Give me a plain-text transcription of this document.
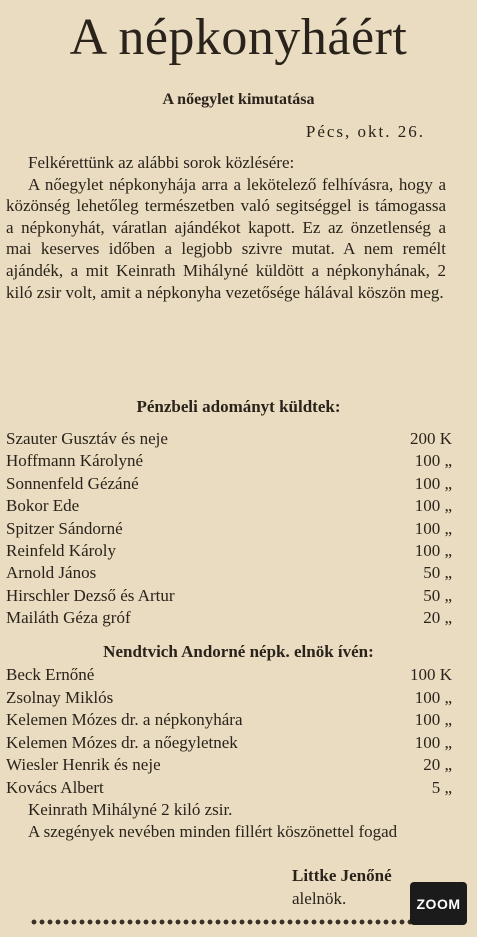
A népkonyháért
A nőegylet kimutatása
Pécs, okt. 26.
Felkérettünk az alábbi sorok közlésére:
A nőegylet népkonyhája arra a lekötelező felhívásra, hogy a közönség lehetőleg természetben való segitséggel is támogassa a népkonyhát, váratlan ajándékot kapott. Ez az önzetlenség a mai keserves időben a legjobb szivre mutat. A nem remélt ajándék, a mit Keinrath Mihályné küldött a népkonyhának, 2 kiló zsir volt, amit a népkonyha vezetősége hálával köszön meg.
Pénzbeli adományt küldtek:
Szauter Gusztáv és neje	200 K
Hoffmann Károlyné	100 „
Sonnenfeld Gézáné	100 „
Bokor Ede	100 „
Spitzer Sándorné	100 „
Reinfeld Károly	100 „
Arnold János	50 „
Hirschler Dezső és Artur	50 „
Mailáth Géza gróf	20 „
Nendtvich Andorné népk. elnök ívén:
Beck Ernőné	100 K
Zsolnay Miklós	100 „
Kelemen Mózes dr. a népkonyhára	100 „
Kelemen Mózes dr. a nőegyletnek	100 „
Wiesler Henrik és neje	20 „
Kovács Albert	5 „
Keinrath Mihályné 2 kiló zsir.
A szegények nevében minden fillért köszönettel fogad
Littke Jenőné
alelnök.	ZOOM
